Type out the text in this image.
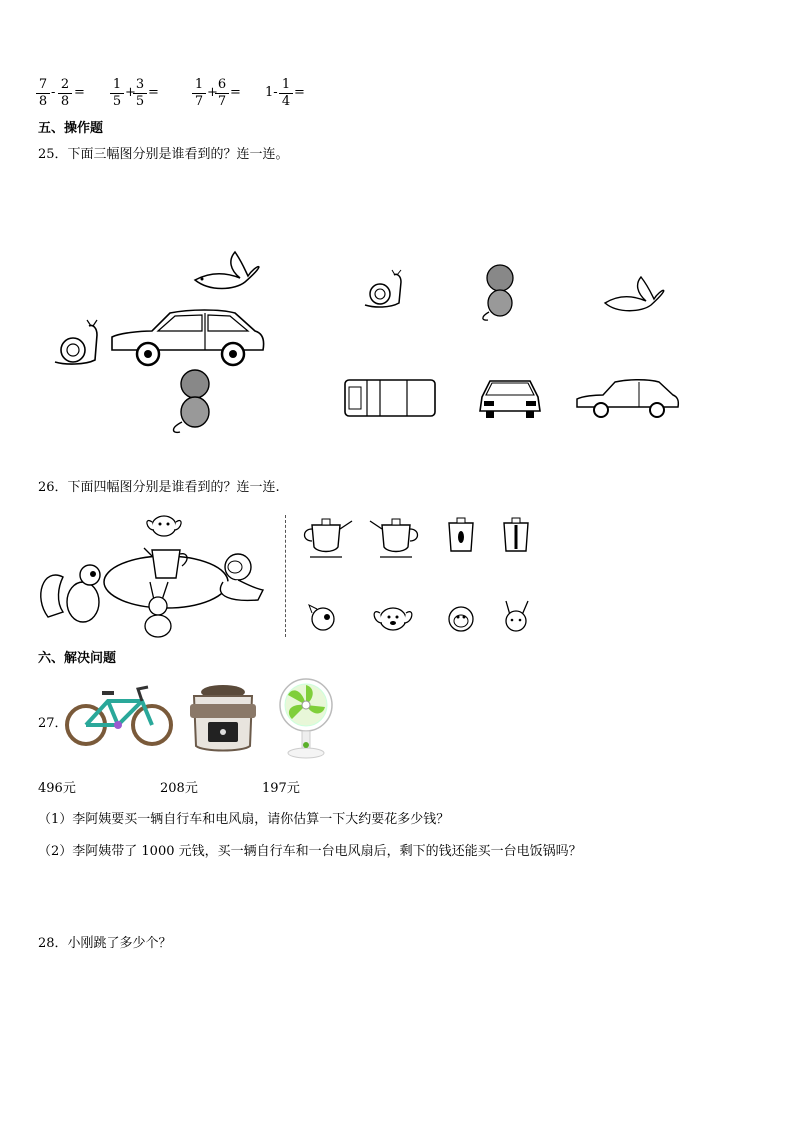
7
8
-
2
8
=
1
5
+
3
5
=
1
7
+
6
7
= 1-
1
4
=
五、操作题
25．下面三幅图分别是谁看到的？连一连。
26．下面四幅图分别是谁看到的？连一连.
六、解决问题
27．
496元	208元	197元
（1）李阿姨要买一辆自行车和电风扇，请你估算一下大约要花多少钱？
（2）李阿姨带了 1000 元钱，买一辆自行车和一台电风扇后，剩下的钱还能买一台电饭锅吗？
28．小刚跳了多少个？
